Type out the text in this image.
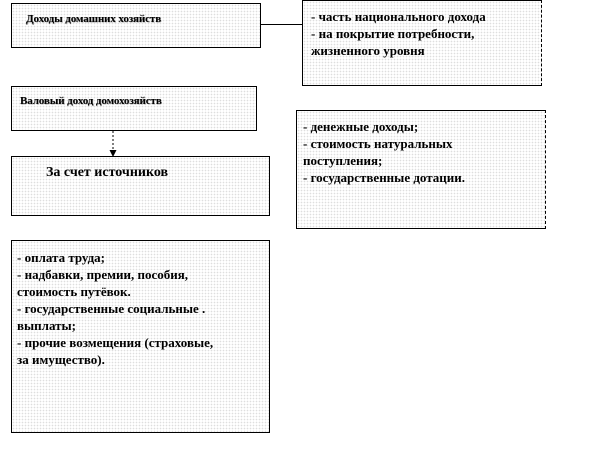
Доходы домашних хозяйств	- часть национального дохода
- на покрытие потребности,
жизненного уровня
Валовый доход домохозяйств
- денежные доходы;
- стоимость натуральных
поступления;
- государственные дотации.
За счет источников
- оплата труда;
- надбавки, премии, пособия,
стоимость путёвок.
- государственные социальные .
выплаты;
- прочие возмещения (страховые,
за имущество).
